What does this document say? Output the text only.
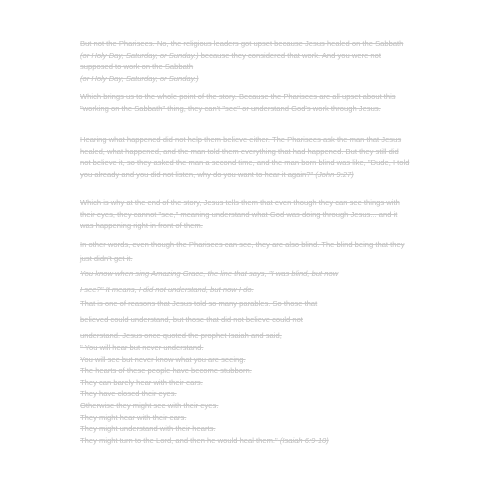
But not the Pharisees. No, the religious leaders got upset because Jesus healed on the Sabbath (or Holy Day, Saturday, or Sunday.) because they considered that work. And you were not supposed to work on the Sabbath
(or Holy Day, Saturday, or Sunday.)
Which brings us to the whole point of the story. Because the Pharisees are all upset about this "working on the Sabbath" thing, they can't "see" or understand God's work through Jesus.
Hearing what happened did not help them believe either. The Pharisees ask the man that Jesus healed, what happened, and the man told them everything that had happened. But they still did not believe it, so they asked the man a second time, and the man born blind was like, "Dude, I told you already and you did not listen, why do you want to hear it again?" (John 9:27)
Which is why at the end of the story, Jesus tells them that even though they can see things with their eyes, they cannot "see," meaning understand what God was doing through Jesus... and it was happening right in front of them.
In other words, even though the Pharisees can see, they are also blind. The blind being that they just didn't get it.
You know when sing Amazing Grace, the line that says, "I was blind, but now
I see?" It means, I did not understand, but now I do.
That is one of reasons that Jesus told so many parables. So those that
believed could understand, but those that did not believe could not
understand. Jesus once quoted the prophet Isaiah and said,
" You will hear but never understand.
You will see but never know what you are seeing.
The hearts of these people have become stubborn.
They can barely hear with their ears.
They have closed their eyes.
Otherwise they might see with their eyes.
They might hear with their ears.
They might understand with their hearts.
They might turn to the Lord, and then he would heal them." (Isaiah 6:9-10)
